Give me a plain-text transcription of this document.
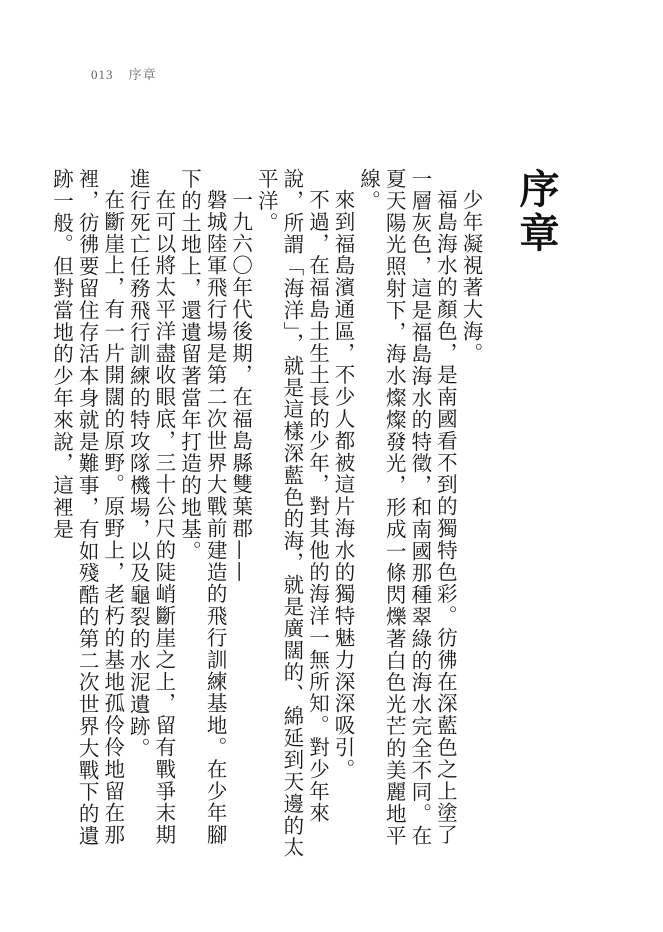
013 序章
序章

少年凝視著大海。

福島海水的顏色，是南國看不到的獨特色彩。彷彿在深藍色之上塗了一層灰色，這是福島海水的特徵，和南國那種翠綠的海水完全不同。在夏天陽光照射下，海水燦燦發光，形成一條閃爍著白色光芒的美麗地平線。

來到福島濱通區，不少人都被這片海水的獨特魅力深深吸引。

不過，在福島土生土長的少年，對其他的海洋一無所知。對少年來說，所謂「海洋」，就是這樣深藍色的海，就是廣闊的、綿延到天邊的太平洋。

一九六〇年代後期，在福島縣雙葉郡——

磐城陸軍飛行場是第二次世界大戰前建造的飛行訓練基地。在少年腳下的土地上，還遺留著當年打造的地基。

在可以將太平洋盡收眼底，三十公尺的陡峭斷崖之上，留有戰爭末期進行死亡任務飛行訓練的特攻隊機場，以及龜裂的水泥遺跡。

在斷崖上，有一片開闊的原野。原野上，老朽的基地孤伶伶地留在那裡，彷彿要留住存活本身就是難事，有如殘酷的第二次世界大戰下的遺跡一般。但對當地的少年來說，這裡是
